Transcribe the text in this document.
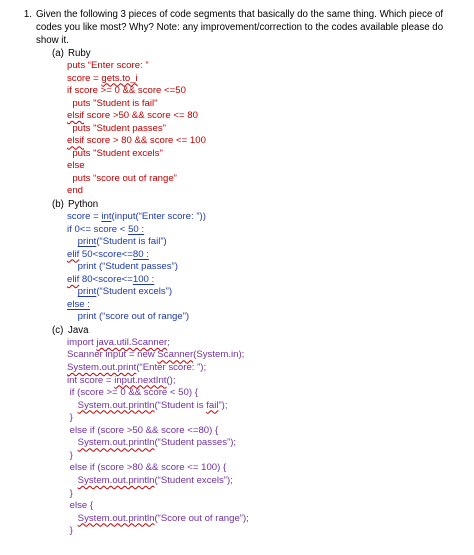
1. Given the following 3 pieces of code segments that basically do the same thing. Which piece of codes you like most? Why? Note: any improvement/correction to the codes available please do show it.
(a) Ruby
puts “Enter score: ”
score = gets.to_i
if score >= 0 && score <=50
puts "Student is fail"
elsif score >50 && score <= 80
puts "Student passes"
elsif score > 80 && score <= 100
puts "Student excels"
else
puts “score out of range”
end
(b) Python
score = int(input(“Enter score: ”))
if 0<= score < 50 :
print(“Student is fail”)
elif 50<score<=80 :
print (“Student passes”)
elif 80<score<=100 :
print(“Student excels”)
else :
print (“score out of range”)
(c) Java
import java.util.Scanner;
Scanner input = new Scanner(System.in);
System.out.print(“Enter score: ”);
int score = input.nextInt();
if (score >= 0 && score < 50) {
System.out.println(“Student is fail”);
}
else if (score >50 && score <=80) {
System.out.println(“Student passes”);
}
else if (score >80 && score <= 100) {
System.out.println(“Student excels”);
}
else {
System.out.println(“Score out of range”);
}
